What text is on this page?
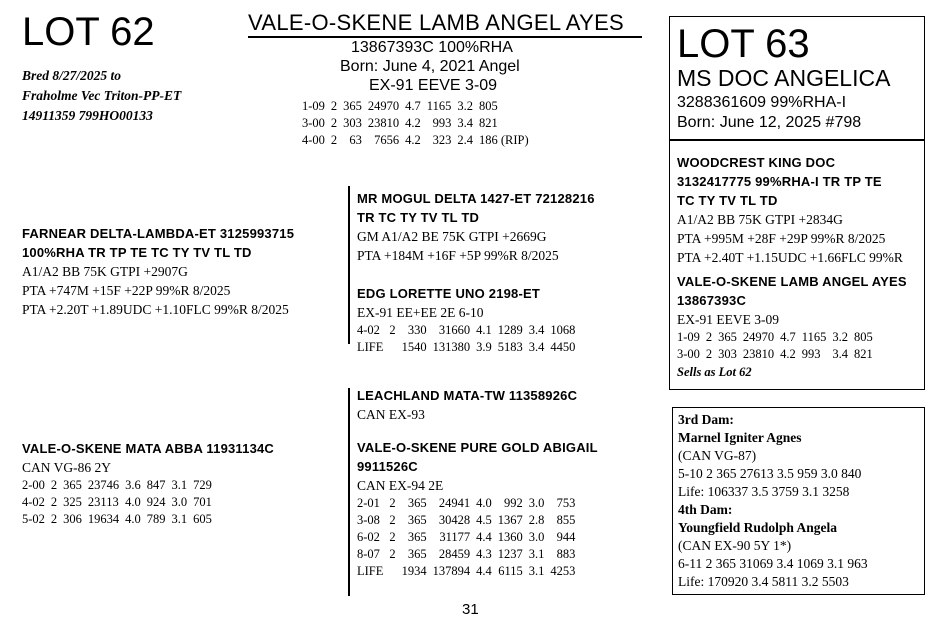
LOT 62
Bred 8/27/2025 to
Fraholme Vec Triton-PP-ET
14911359 799HO00133
VALE-O-SKENE LAMB ANGEL AYES
13867393C 100%RHA
Born: June 4, 2021 Angel
EX-91 EEVE 3-09
1-09	2	365	24970	4.7	1165	3.2	805
3-00	2	303	23810	4.2	993	3.4	821
4-00	2	63	7656	4.2	323	2.4	186 (RIP)
FARNEAR DELTA-LAMBDA-ET 3125993715
100%RHA TR TP TE TC TY TV TL TD
A1/A2 BB 75K GTPI +2907G
PTA +747M +15F +22P 99%R 8/2025
PTA +2.20T +1.89UDC +1.10FLC 99%R 8/2025
VALE-O-SKENE MATA ABBA 11931134C
CAN VG-86 2Y
2-00	2	365	23746	3.6	847	3.1	729
4-02	2	325	23113	4.0	924	3.0	701
5-02	2	306	19634	4.0	789	3.1	605
MR MOGUL DELTA 1427-ET 72128216
TR TC TY TV TL TD
GM A1/A2 BE 75K GTPI +2669G
PTA +184M +16F +5P 99%R 8/2025
EDG LORETTE UNO 2198-ET
EX-91 EE+EE 2E 6-10
4-02	2	330	31660	4.1	1289	3.4	1068
LIFE		1540	131380	3.9	5183	3.4	4450
LEACHLAND MATA-TW 11358926C
CAN EX-93
VALE-O-SKENE PURE GOLD ABIGAIL
9911526C
CAN EX-94 2E
2-01	2	365	24941	4.0	992	3.0	753
3-08	2	365	30428	4.5	1367	2.8	855
6-02	2	365	31177	4.4	1360	3.0	944
8-07	2	365	28459	4.3	1237	3.1	883
LIFE		1934	137894	4.4	6115	3.1	4253
LOT 63
MS DOC ANGELICA
3288361609 99%RHA-I
Born: June 12, 2025 #798
WOODCREST KING DOC
3132417775 99%RHA-I TR TP TE
TC TY TV TL TD
A1/A2 BB 75K GTPI +2834G
PTA +995M +28F +29P 99%R 8/2025
PTA +2.40T +1.15UDC +1.66FLC 99%R
VALE-O-SKENE LAMB ANGEL AYES
13867393C
EX-91 EEVE 3-09
1-09	2	365	24970	4.7	1165	3.2	805
3-00	2	303	23810	4.2	993	3.4	821
Sells as Lot 62
3rd Dam:
Marnel Igniter Agnes
(CAN VG-87)
5-10 2 365 27613 3.5 959 3.0 840
Life: 106337 3.5 3759 3.1 3258
4th Dam:
Youngfield Rudolph Angela
(CAN EX-90 5Y 1*)
6-11 2 365 31069 3.4 1069 3.1 963
Life: 170920 3.4 5811 3.2 5503
31
